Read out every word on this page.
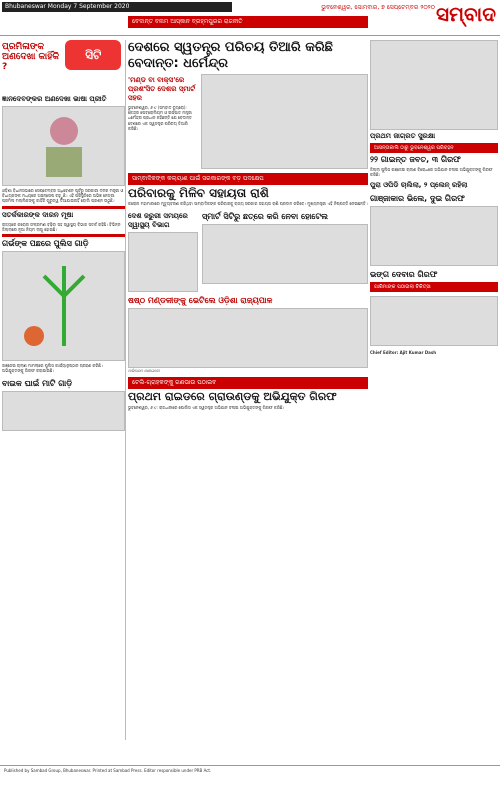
Bhubaneswar Monday 7 September 2020	ଭୁବନେଶ୍ୱର, ସୋମବାର, ୭ ସେପ୍ଟେମ୍ବର ୨୦୨୦ ସମ୍ବାଦ
ବେଦାନ୍ତ ବନାମ ଆସ୍କାନ ବ୍ରହ୍ମପୁରର ରାଜନୀତି
ପ୍ରମିଳାଙ୍କ ଅଣଦେଖା କାହିଁକି ?
ସିଟି salad
ଜ୍ଞାନଦେବଙ୍କର ଅଣଦେଖା ଭାଷା ପ୍ରୀତି
ଓଡ଼ିଶା ବିଧାନସଭାରେ ସେପ୍ଟେମ୍ବର ଅଧିବେଶନ ପୂର୍ବରୁ ସରକାରୀ ଦଳର ମନ୍ତ୍ରୀ ଓ ବିଧାୟକଙ୍କ ମଧ୍ୟରେ ଅସନ୍ତୋଷ ବଢ଼ୁଛି। ଏହି ପରିସ୍ଥିତିରେ ଅଭିଜ୍ଞ ନେତ୍ରୀ ପ୍ରମିଳା ମଲ୍ଲିକଙ୍କୁ କାହିଁକି ଗୁରୁତ୍ୱ ଦିଆଯାଉନାହିଁ ବୋଲି ପ୍ରଶ୍ନ ଉଠୁଛି।
ସତର୍କକାରଙ୍କ ଦାରନ ମୂଷା
ରାଜ୍ୟରେ କରୋନା ସଂକ୍ରମଣ ବଢ଼ିବା ସହ ସ୍ୱାସ୍ଥ୍ୟ ବିଭାଗ ସତର୍କ ରହିଛି। ବିଭିନ୍ନ ଜିଲ୍ଲାରେ ନୂଆ ନିୟମ ଲାଗୁ ହୋଇଛି।
ଗର୍ଭଙ୍କ ପଛରେ ପୁଲିସ ଗାଡ଼ି
ଗଞ୍ଜେଇ ଚାଲାଣ ମାମଲାରେ ପୁଲିସ କାର୍ଯ୍ୟାନୁଷ୍ଠାନ ଗ୍ରହଣ କରିଛି। ଅଭିଯୁକ୍ତଙ୍କୁ ଗିରଫ କରାଯାଇଛି।
ବାଇକ ଘାଇଁ ମାଟି ଗାଡ଼ି
ଦେଶରେ ସ୍ୱତନ୍ତ୍ର ପରିଚୟ ତିଆରି କରିଛି ବେଦାନ୍ତ: ଧର୍ମେନ୍ଦ୍ର
'ମଣ୍ଡ ବା ବାକ୍ସ'ରେ ପ୍ରଶଂସିତ ଦେଶର ସ୍ମାର୍ଟ ସହର
ଭୁବନେଶ୍ୱର, ୬।୯ (ସମ୍ବାଦ ବ୍ୟୁରୋ): କେନ୍ଦ୍ର ପେଟ୍ରୋଲିୟମ ଓ ଇସ୍ପାତ ମନ୍ତ୍ରୀ ଧର୍ମେନ୍ଦ୍ର ପ୍ରଧାନ କହିଛନ୍ତି ଯେ ବେଦାନ୍ତ ଦେଶରେ ଏକ ସ୍ୱତନ୍ତ୍ର ପରିଚୟ ତିଆରି କରିଛି।
ସାମ୍ବାଦିକଙ୍କ କଲ୍ୟାଣ ପାଇଁ ସରକାରଙ୍କ ବଡ଼ ପଦକ୍ଷେପ
ପରିବାରକୁ ମିଳିବ ସହାୟତା ରାଶି
କରୋନା ମହାମାରୀରେ ମୃତ୍ୟୁବରଣ କରିଥିବା ସାମ୍ବାଦିକଙ୍କ ପରିବାରକୁ ରାଜ୍ୟ ସରକାର ସହାୟତା ରାଶି ପ୍ରଦାନ କରିବେ। ମୁଖ୍ୟମନ୍ତ୍ରୀ ଏହି ନିଷ୍ପତ୍ତି ନେଇଛନ୍ତି।
ଦେଶ ଜରୁରୀ ସମୟରେ ସ୍ୱାସ୍ଥ୍ୟ ବିଭାଗ
ସ୍ମାର୍ଟ ସିଟିରୁ ଛତ୍ରେ କରି ନେବା ହୋଟେଲ
ଷଷ୍ଠ ମଣ୍ଡଳୀଙ୍କୁ ଭେଟିଲେ ଓଡ଼ିଶା ରାଜ୍ୟପାଳ
ଅଭିନନ୍ଦନ ଜଣାଇଲେ
ଟେଲି-ଗ୍ରାହକଙ୍କୁ ଗଣଭାଉ ପଠାଇବ
ପ୍ରଥମ ରାଇଡରେ ଗ୍ରାଉଣ୍ଡକୁ ଅଭିଯୁକ୍ତ ଗିରଫ
ଭୁବନେଶ୍ୱର, ୬।୯: ରାଜଧାନୀରେ ପୋଲିସ ଏକ ସ୍ୱତନ୍ତ୍ର ଅଭିଯାନ ଚଳାଇ ଅଭିଯୁକ୍ତଙ୍କୁ ଗିରଫ କରିଛି।
ପ୍ରଥମ ଜାଗ୍ରତ ସୁରକ୍ଷା
ଆସନ୍ତାକାଲି ଠାରୁ ଭୁବନେଶ୍ୱର ପରିବହନ
୨୨ ଗାଇନ୍ତ ଜବତ, ୩ ଗିରଫ
ଜିଲ୍ଲା ପୁଲିସ ଗଞ୍ଜେଇ ଚାଲାଣ ବିରୋଧରେ ଅଭିଯାନ ଚଳାଇ ଅଭିଯୁକ୍ତଙ୍କୁ ଗିରଫ କରିଛି।
ପୁରା ଓପିଡି ଚାଲିଲା, ୨ ପ୍ଲେନ୍ ରହିଲା
ଗାଞ୍ଜାକାର ଭିଲେ, ଦୁଇ ଗିରଫ
ଭଙ୍ଗ ଦେବାର ଗିରଫ
ଗାରିମାଙ୍କ ପଠାଇଲା ଚିକିତ୍ସା
Chief Editor: Ajit Kumar Dash
Published by Sambad Group, Bhubaneswar. Printed at Sambad Press. Editor responsible under PRB Act.
